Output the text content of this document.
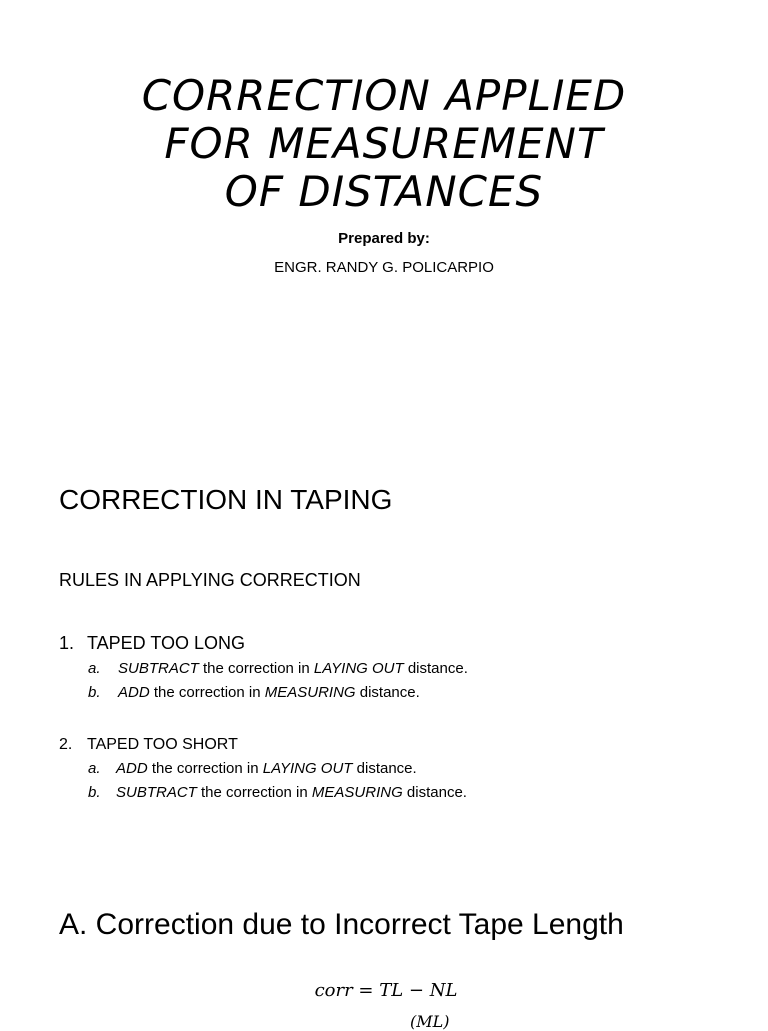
CORRECTION APPLIED
FOR MEASUREMENT
OF DISTANCES
Prepared by:
ENGR. RANDY G. POLICARPIO
CORRECTION IN TAPING
RULES IN APPLYING CORRECTION
1. TAPED TOO LONG
a. SUBTRACT the correction in LAYING OUT distance.
b. ADD the correction in MEASURING distance.
2. TAPED TOO SHORT
a. ADD the correction in LAYING OUT distance.
b. SUBTRACT the correction in MEASURING distance.
A. Correction due to Incorrect Tape Length
corr = TL − NL
(ML)
